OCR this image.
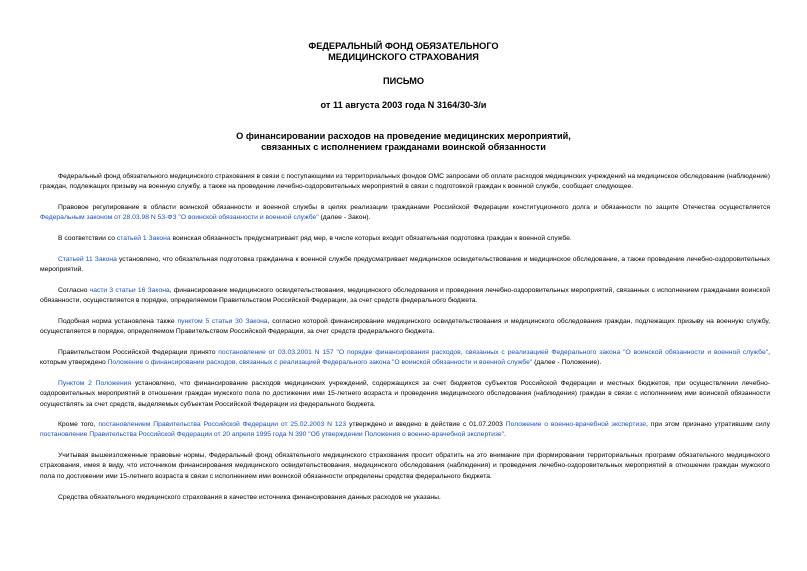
ФЕДЕРАЛЬНЫЙ ФОНД ОБЯЗАТЕЛЬНОГО
МЕДИЦИНСКОГО СТРАХОВАНИЯ
ПИСЬМО
от 11 августа 2003 года N 3164/30-3/и
О финансировании расходов на проведение медицинских мероприятий,
связанных с исполнением гражданами воинской обязанности
Федеральный фонд обязательного медицинского страхования в связи с поступающими из территориальных фондов ОМС запросами об оплате расходов медицинских учреждений на медицинское обследование (наблюдение) граждан, подлежащих призыву на военную службу, а также на проведение лечебно-оздоровительных мероприятий в связи с подготовкой граждан к военной службе, сообщает следующее.
Правовое регулирование в области воинской обязанности и военной службы в целях реализации гражданами Российской Федерации конституционного долга и обязанности по защите Отечества осуществляется Федеральным законом от 28.03.98 N 53-ФЗ "О воинской обязанности и военной службе" (далее - Закон).
В соответствии со статьей 1 Закона воинская обязанность предусматривает ряд мер, в числе которых входит обязательная подготовка граждан к военной службе.
Статьей 11 Закона установлено, что обязательная подготовка гражданина к военной службе предусматривает медицинское освидетельствование и медицинское обследование, а также проведение лечебно-оздоровительных мероприятий.
Согласно части 3 статьи 16 Закона, финансирование медицинского освидетельствования, медицинского обследования и проведения лечебно-оздоровительных мероприятий, связанных с исполнением гражданами воинской обязанности, осуществляется в порядке, определяемом Правительством Российской Федерации, за счет средств федерального бюджета.
Подобная норма установлена также пунктом 5 статьи 30 Закона, согласно которой финансирование медицинского освидетельствования и медицинского обследования граждан, подлежащих призыву на военную службу, осуществляется в порядке, определяемом Правительством Российской Федерации, за счет средств федерального бюджета.
Правительством Российской Федерации принято постановление от 03.03.2001 N 157 "О порядке финансирования расходов, связанных с реализацией Федерального закона "О воинской обязанности и военной службе", которым утверждено Положение о финансировании расходов, связанных с реализацией Федерального закона "О воинской обязанности и военной службе" (далее - Положение).
Пунктом 2 Положения установлено, что финансирование расходов медицинских учреждений, содержащихся за счет бюджетов субъектов Российской Федерации и местных бюджетов, при осуществлении лечебно-оздоровительных мероприятий в отношении граждан мужского пола по достижении ими 15-летнего возраста и проведения медицинского обследования (наблюдения) граждан в связи с исполнением ими воинской обязанности осуществлять за счет средств, выделяемых субъектам Российской Федерации из федерального бюджета.
Кроме того, постановлением Правительства Российской Федерации от 25.02.2003 N 123 утверждено и введено в действие с 01.07.2003 Положение о военно-врачебной экспертизе, при этом признано утратившим силу постановление Правительства Российской Федерации от 20 апреля 1995 года N 390 "Об утверждении Положения о военно-врачебной экспертизе".
Учитывая вышеизложенные правовые нормы, Федеральный фонд обязательного медицинского страхования просит обратить на это внимание при формировании территориальных программ обязательного медицинского страхования, имея в виду, что источником финансирования медицинского освидетельствования, медицинского обследования (наблюдения) и проведения лечебно-оздоровительных мероприятий в отношении граждан мужского пола по достижении ими 15-летнего возраста в связи с исполнением ими воинской обязанности определены средства федерального бюджета.
Средства обязательного медицинского страхования в качестве источника финансирования данных расходов не указаны.
